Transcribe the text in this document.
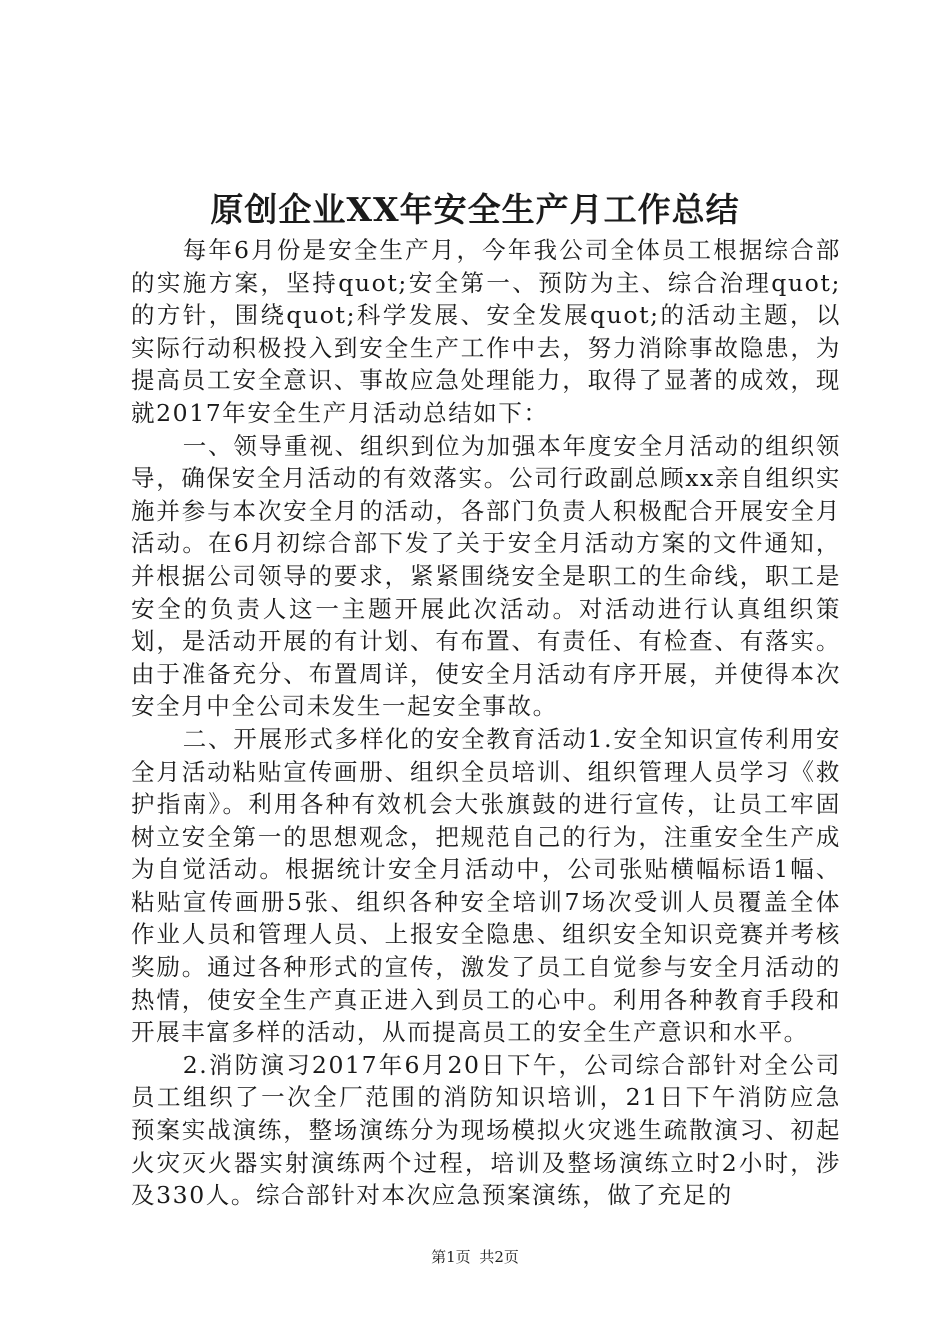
原创企业XX年安全生产月工作总结

每年6月份是安全生产月，今年我公司全体员工根据综合部的实施方案，坚持quot;安全第一、预防为主、综合治理quot;的方针，围绕quot;科学发展、安全发展quot;的活动主题，以实际行动积极投入到安全生产工作中去，努力消除事故隐患，为提高员工安全意识、事故应急处理能力，取得了显著的成效，现就2017年安全生产月活动总结如下：

一、领导重视、组织到位为加强本年度安全月活动的组织领导，确保安全月活动的有效落实。公司行政副总顾xx亲自组织实施并参与本次安全月的活动，各部门负责人积极配合开展安全月活动。在6月初综合部下发了关于安全月活动方案的文件通知，并根据公司领导的要求，紧紧围绕安全是职工的生命线，职工是安全的负责人这一主题开展此次活动。对活动进行认真组织策划，是活动开展的有计划、有布置、有责任、有检查、有落实。由于准备充分、布置周详，使安全月活动有序开展，并使得本次安全月中全公司未发生一起安全事故。

二、开展形式多样化的安全教育活动1.安全知识宣传利用安全月活动粘贴宣传画册、组织全员培训、组织管理人员学习《救护指南》。利用各种有效机会大张旗鼓的进行宣传，让员工牢固树立安全第一的思想观念，把规范自己的行为，注重安全生产成为自觉活动。根据统计安全月活动中，公司张贴横幅标语1幅、粘贴宣传画册5张、组织各种安全培训7场次受训人员覆盖全体作业人员和管理人员、上报安全隐患、组织安全知识竞赛并考核奖励。通过各种形式的宣传，激发了员工自觉参与安全月活动的热情，使安全生产真正进入到员工的心中。利用各种教育手段和开展丰富多样的活动，从而提高员工的安全生产意识和水平。

2.消防演习2017年6月20日下午，公司综合部针对全公司员工组织了一次全厂范围的消防知识培训，21日下午消防应急预案实战演练，整场演练分为现场模拟火灾逃生疏散演习、初起火灾灭火器实射演练两个过程，培训及整场演练立时2小时，涉及330人。综合部针对本次应急预案演练，做了充足的

第1页 共2页
